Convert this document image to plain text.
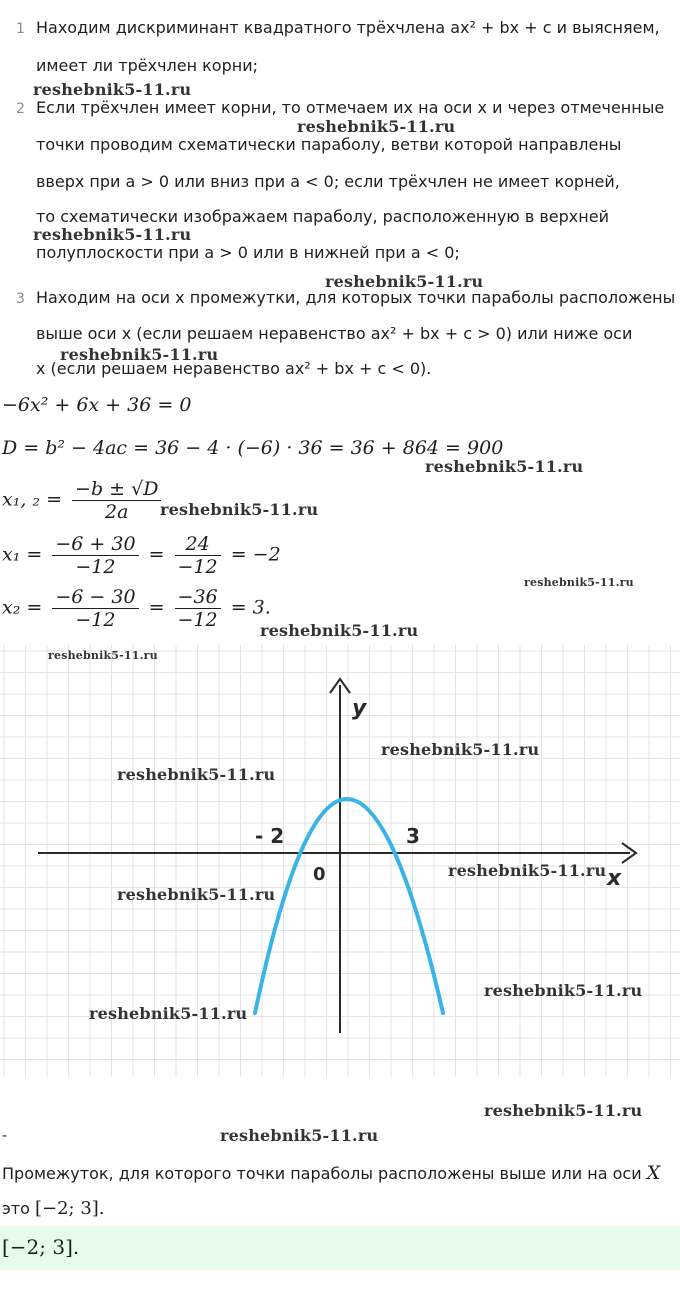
1 Находим дискриминант квадратного трёхчлена ax² + bx + c и выясняем,
имеет ли трёхчлен корни;
2 Если трёхчлен имеет корни, то отмечаем их на оси x и через отмеченные
точки проводим схематически параболу, ветви которой направлены
вверх при a > 0 или вниз при a < 0; если трёхчлен не имеет корней,
то схематически изображаем параболу, расположенную в верхней
полуплоскости при a > 0 или в нижней при a < 0;
3 Находим на оси x промежутки, для которых точки параболы расположены
выше оси x (если решаем неравенство ax² + bx + c > 0) или ниже оси
x (если решаем неравенство ax² + bx + c < 0).
−6x² + 6x + 36 = 0
D = b² − 4ac = 36 − 4 · (−6) · 36 = 36 + 864 = 900
x₁, $_2 = \frac{-b \pm √D}{2a}$
$x_1 = \frac{-6 + 30}{-12} = \frac{24}{-12} = -2$
$x_2 = \frac{-6 - 30}{-12} = \frac{-36}{-12} = 3$.
y
x
0
- 2	3
reshebnik5-11.ru
reshebnik5-11.ru
reshebnik5-11.ru
reshebnik5-11.ru
reshebnik5-11.ru
reshebnik5-11.ru
reshebnik5-11.ru
reshebnik5-11.ru
reshebnik5-11.ru
reshebnik5-11.ru
reshebnik5-11.ru
reshebnik5-11.ru
reshebnik5-11.ru
reshebnik5-11.ru
reshebnik5-11.ru
reshebnik5-11.ru
reshebnik5-11.ru
reshebnik5-11.ru
-
Промежуток, для которого точки параболы расположены выше или на оси X
это [−2; 3].
[−2; 3].
